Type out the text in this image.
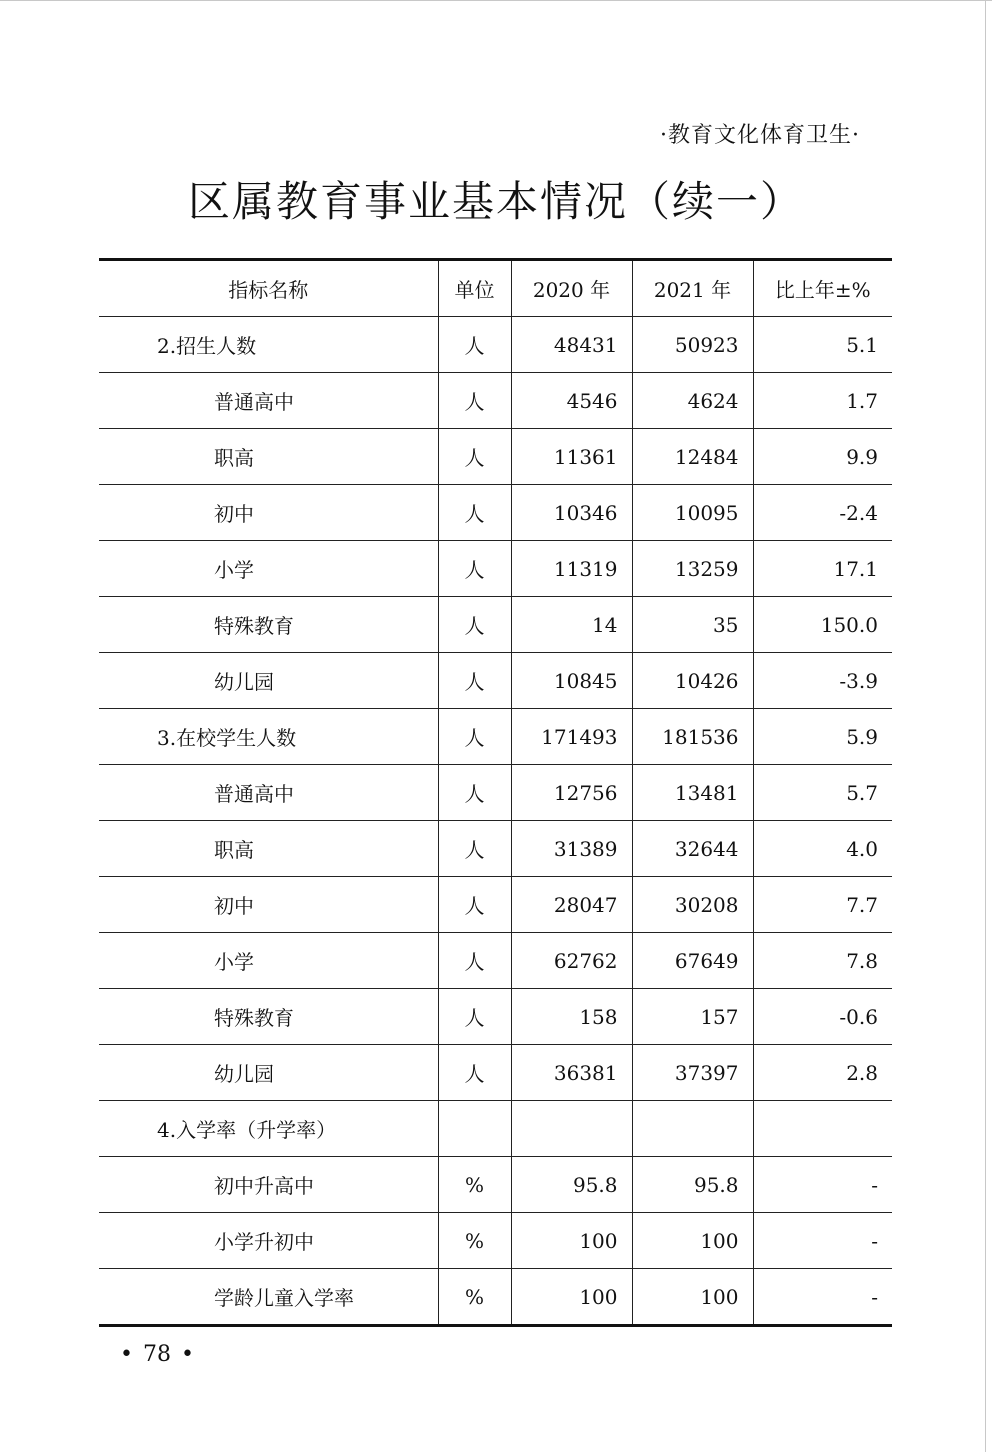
·教育文化体育卫生·
区属教育事业基本情况（续一）
指标名称	单位	2020 年	2021 年	比上年±%
2.招生人数	人	48431	50923	5.1
普通高中	人	4546	4624	1.7
职高	人	11361	12484	9.9
初中	人	10346	10095	-2.4
小学	人	11319	13259	17.1
特殊教育	人	14	35	150.0
幼儿园	人	10845	10426	-3.9
3.在校学生人数	人	171493	181536	5.9
普通高中	人	12756	13481	5.7
职高	人	31389	32644	4.0
初中	人	28047	30208	7.7
小学	人	62762	67649	7.8
特殊教育	人	158	157	-0.6
幼儿园	人	36381	37397	2.8
4.入学率（升学率）				
初中升高中	%	95.8	95.8	-
小学升初中	%	100	100	-
学龄儿童入学率	%	100	100	-
• 78 •
